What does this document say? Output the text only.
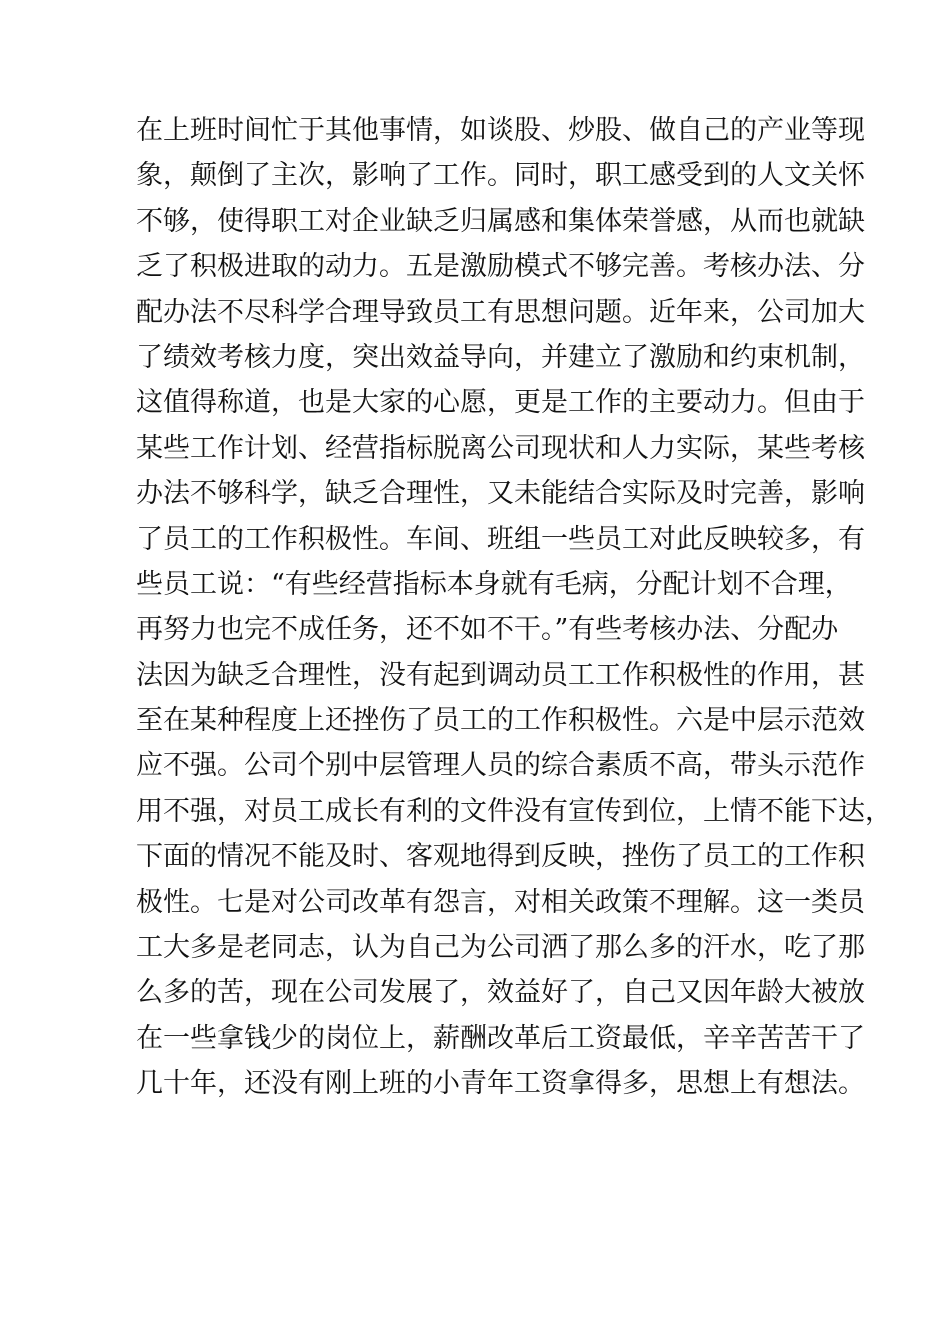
在上班时间忙于其他事情，如谈股、炒股、做自己的产业等现
象，颠倒了主次，影响了工作。同时，职工感受到的人文关怀
不够，使得职工对企业缺乏归属感和集体荣誉感，从而也就缺
乏了积极进取的动力。五是激励模式不够完善。考核办法、分
配办法不尽科学合理导致员工有思想问题。近年来，公司加大
了绩效考核力度，突出效益导向，并建立了激励和约束机制，
这值得称道，也是大家的心愿，更是工作的主要动力。但由于
某些工作计划、经营指标脱离公司现状和人力实际，某些考核
办法不够科学，缺乏合理性，又未能结合实际及时完善，影响
了员工的工作积极性。车间、班组一些员工对此反映较多，有
些员工说：“有些经营指标本身就有毛病，分配计划不合理，
再努力也完不成任务，还不如不干。”有些考核办法、分配办
法因为缺乏合理性，没有起到调动员工工作积极性的作用，甚
至在某种程度上还挫伤了员工的工作积极性。六是中层示范效
应不强。公司个别中层管理人员的综合素质不高，带头示范作
用不强，对员工成长有利的文件没有宣传到位，上情不能下达，
下面的情况不能及时、客观地得到反映，挫伤了员工的工作积
极性。七是对公司改革有怨言，对相关政策不理解。这一类员
工大多是老同志，认为自己为公司洒了那么多的汗水，吃了那
么多的苦，现在公司发展了，效益好了，自己又因年龄大被放
在一些拿钱少的岗位上，薪酬改革后工资最低，辛辛苦苦干了
几十年，还没有刚上班的小青年工资拿得多，思想上有想法。
